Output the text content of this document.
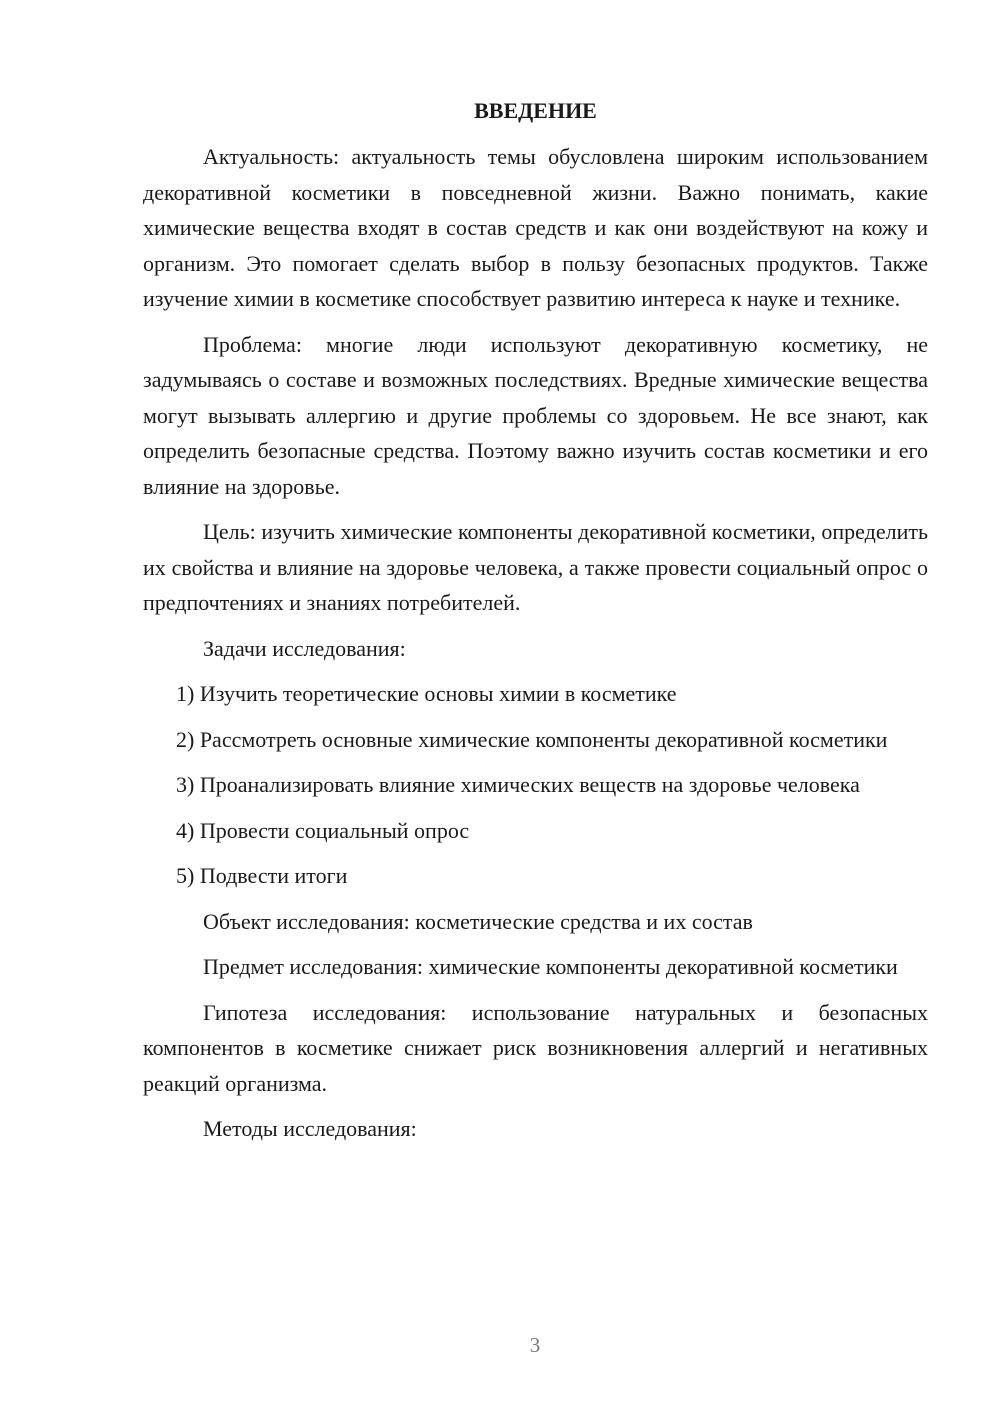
ВВЕДЕНИЕ

Актуальность: актуальность темы обусловлена широким использованием декоративной косметики в повседневной жизни. Важно понимать, какие химические вещества входят в состав средств и как они воздействуют на кожу и организм. Это помогает сделать выбор в пользу безопасных продуктов. Также изучение химии в косметике способствует развитию интереса к науке и технике.

Проблема: многие люди используют декоративную косметику, не задумываясь о составе и возможных последствиях. Вредные химические вещества могут вызывать аллергию и другие проблемы со здоровьем. Не все знают, как определить безопасные средства. Поэтому важно изучить состав косметики и его влияние на здоровье.

Цель: изучить химические компоненты декоративной косметики, определить их свойства и влияние на здоровье человека, а также провести социальный опрос о предпочтениях и знаниях потребителей.

Задачи исследования:

1) Изучить теоретические основы химии в косметике

2) Рассмотреть основные химические компоненты декоративной косметики

3) Проанализировать влияние химических веществ на здоровье человека

4) Провести социальный опрос

5) Подвести итоги

Объект исследования: косметические средства и их состав

Предмет исследования: химические компоненты декоративной косметики

Гипотеза исследования: использование натуральных и безопасных компонентов в косметике снижает риск возникновения аллергий и негативных реакций организма.

Методы исследования:

3
